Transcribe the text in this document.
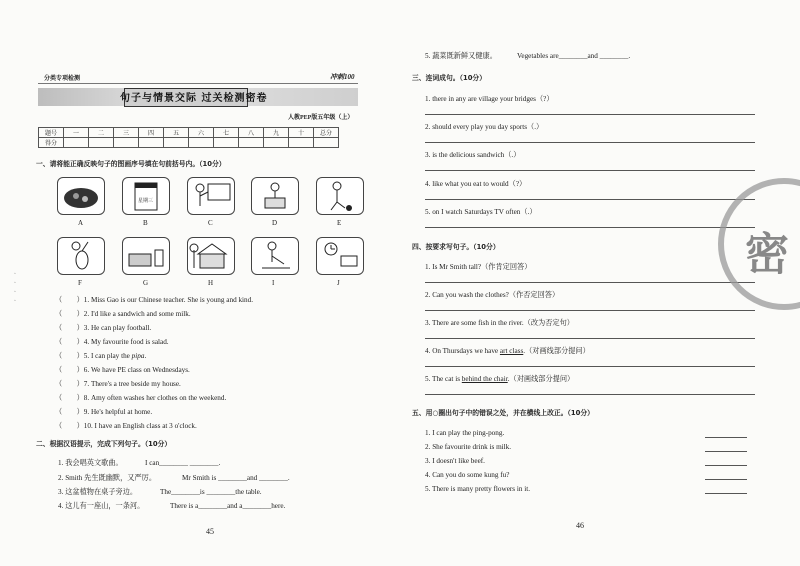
分类专项检测	冲刺100
句子与情景交际 过关检测密卷
人教PEP版五年级（上）
题号	一	二	三	四	五	六	七	八	九	十	总分
得分											
一、请将能正确反映句子的图画序号填在句前括号内。（10分）
星期三
A	B	C	D	E
F	G	H	I	J
（　　）1. Miss Gao is our Chinese teacher. She is young and kind.
（　　）2. I'd like a sandwich and some milk.
（　　）3. He can play football.
（　　）4. My favourite food is salad.
（　　）5. I can play the pipa.
（　　）6. We have PE class on Wednesdays.
（　　）7. There's a tree beside my house.
（　　）8. Amy often washes her clothes on the weekend.
（　　）9. He's helpful at home.
（　　）10. I have an English class at 3 o'clock.
二、根据汉语提示，完成下列句子。（10分）
1. 我会唱英文歌曲。	I can________ ________.
2. Smith 先生既幽默，又严厉。	Mr Smith is ________and ________.
3. 这盆植物在桌子旁边。	The________is ________the table.
4. 这儿有一座山，一条河。	There is a________and a________here.
45
◦
◦
◦
◦
5. 蔬菜既新鲜又健康。	Vegetables are________and ________.
三、连词成句。（10分）
1. there in any are village your bridges（?）
2. should every play you day sports（.）
3. is the delicious sandwich（.）
4. like what you eat to would（?）
5. on I watch Saturdays TV often（.）
四、按要求写句子。（10分）
1. Is Mr Smith tall?（作肯定回答）
2. Can you wash the clothes?（作否定回答）
3. There are some fish in the river.（改为否定句）
4. On Thursdays we have art class.（对画线部分提问）
5. The cat is behind the chair.（对画线部分提问）
五、用○圈出句子中的错误之处，并在横线上改正。（10分）
1. I can play the ping-pong.
2. She favourite drink is milk.
3. I doesn't like beef.
4. Can you do some kung fu?
5. There is many pretty flowers in it.
46
密
